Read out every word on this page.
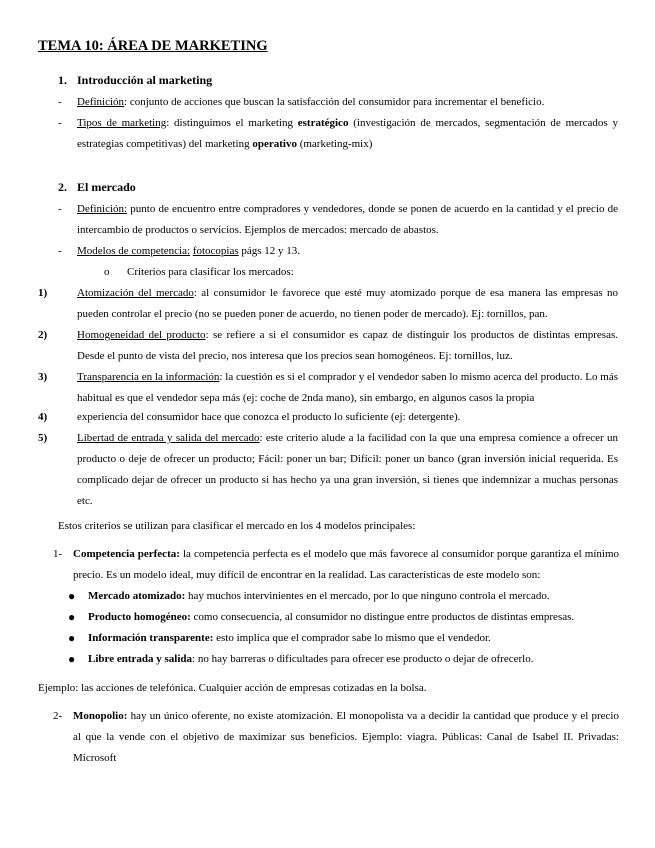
TEMA 10: ÁREA DE MARKETING
1. Introducción al marketing
- Definición: conjunto de acciones que buscan la satisfacción del consumidor para incrementar el beneficio.
- Tipos de marketing: distinguimos el marketing estratégico (investigación de mercados, segmentación de mercados y estrategias competitivas) del marketing operativo (marketing-mix)
2. El mercado
- Definición: punto de encuentro entre compradores y vendedores, donde se ponen de acuerdo en la cantidad y el precio de intercambio de productos o servicios. Ejemplos de mercados: mercado de abastos.
- Modelos de competencia: fotocopias págs 12 y 13.
o Criterios para clasificar los mercados:
1)	Atomización del mercado: al consumidor le favorece que esté muy atomizado porque de esa manera las empresas no pueden controlar el precio (no se pueden poner de acuerdo, no tienen poder de mercado). Ej: tornillos, pan.
2)	Homogeneidad del producto: se refiere a si el consumidor es capaz de distinguir los productos de distintas empresas. Desde el punto de vista del precio, nos interesa que los precios sean homogéneos. Ej: tornillos, luz.
3)	Transparencia en la información: la cuestión es si el comprador y el vendedor saben lo mismo acerca del producto. Lo más habitual es que el vendedor sepa más (ej: coche de 2nda mano), sin embargo, en algunos casos la propia
4)	experiencia del consumidor hace que conozca el producto lo suficiente (ej: detergente).
5)	Libertad de entrada y salida del mercado: este criterio alude a la facilidad con la que una empresa comience a ofrecer un producto o deje de ofrecer un producto; Fácil: poner un bar; Difícil: poner un banco (gran inversión inicial requerida. Es complicado dejar de ofrecer un producto si has hecho ya una gran inversión, si tienes que indemnizar a muchas personas etc.
Estos criterios se utilizan para clasificar el mercado en los 4 modelos principales:
1- Competencia perfecta: la competencia perfecta es el modelo que más favorece al consumidor porque garantiza el mínimo precio. Es un modelo ideal, muy difícil de encontrar en la realidad. Las características de este modelo son:
● Mercado atomizado: hay muchos intervinientes en el mercado, por lo que ninguno controla el mercado.
● Producto homogéneo: como consecuencia, al consumidor no distingue entre productos de distintas empresas.
● Información transparente: esto implica que el comprador sabe lo mismo que el vendedor.
● Libre entrada y salida: no hay barreras o dificultades para ofrecer ese producto o dejar de ofrecerlo.
Ejemplo: las acciones de telefónica. Cualquier acción de empresas cotizadas en la bolsa.
2- Monopolio: hay un único oferente, no existe atomización. El monopolista va a decidir la cantidad que produce y el precio al que la vende con el objetivo de maximizar sus beneficios. Ejemplo: viagra. Públicas: Canal de Isabel II. Privadas: Microsoft
